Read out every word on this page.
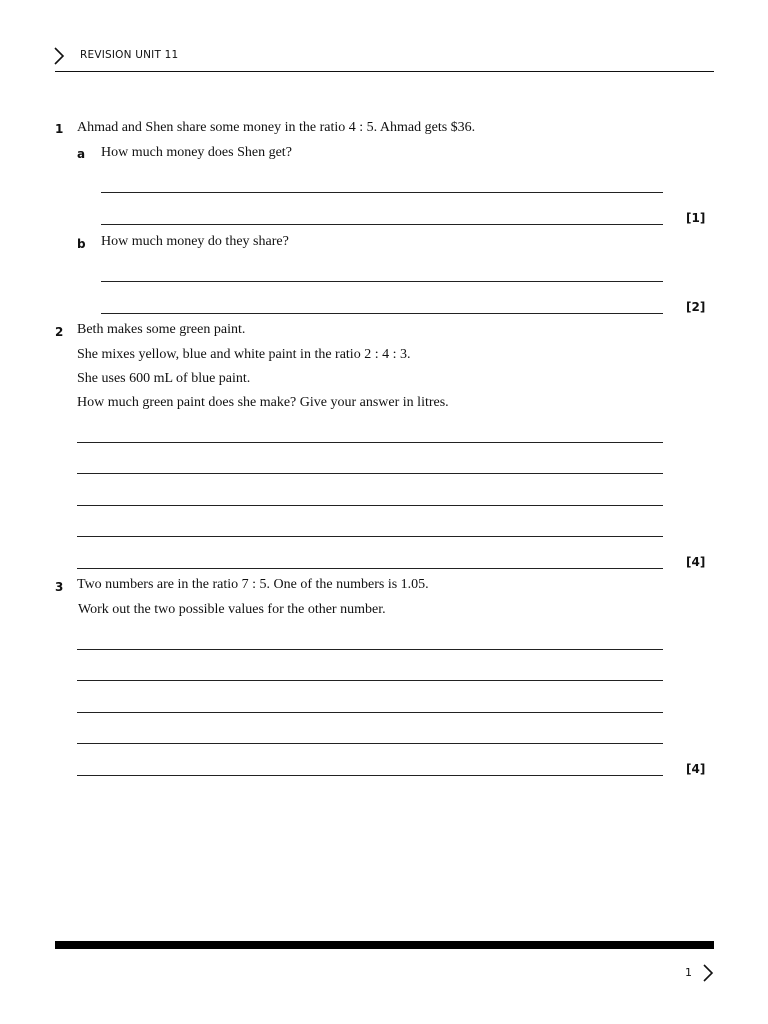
REVISION UNIT 11
1 Ahmad and Shen share some money in the ratio 4 : 5. Ahmad gets $36.
a How much money does Shen get?
[1]
b How much money do they share?
[2]
2 Beth makes some green paint.
She mixes yellow, blue and white paint in the ratio 2 : 4 : 3.
She uses 600 mL of blue paint.
How much green paint does she make? Give your answer in litres.
[4]
3 Two numbers are in the ratio 7 : 5. One of the numbers is 1.05.
Work out the two possible values for the other number.
[4]
1
